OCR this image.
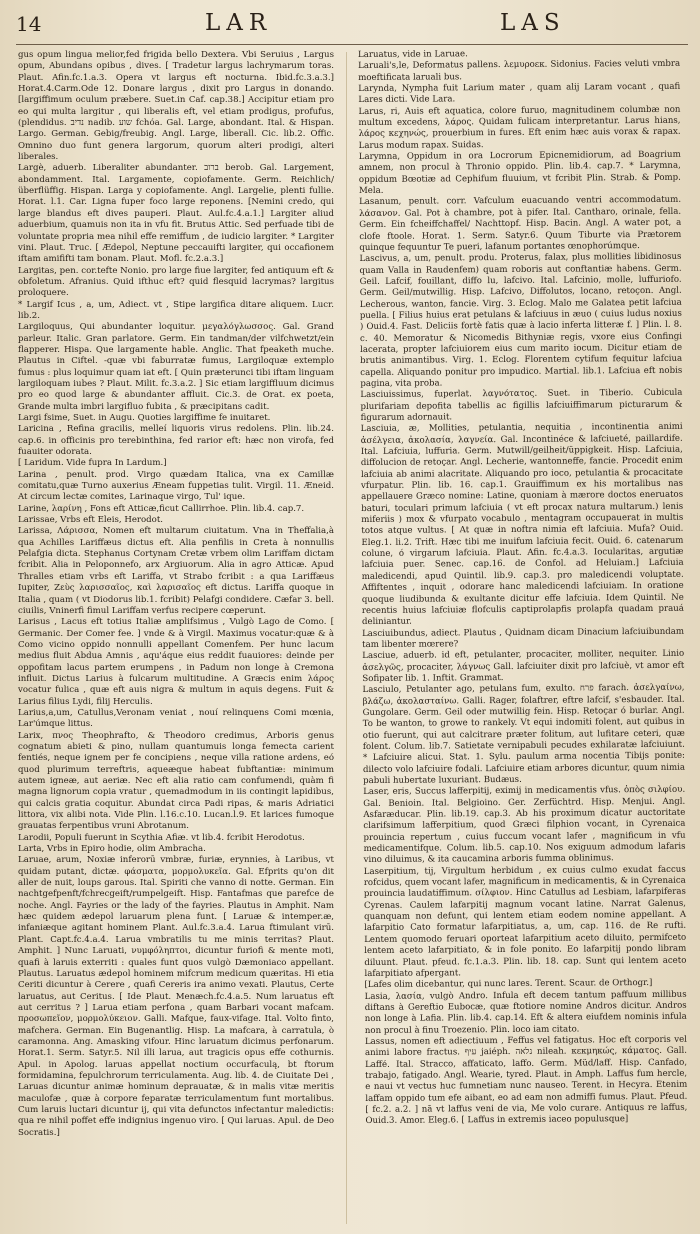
14	LAR	LAS

gus opum lingua melior,fed frigida bello Dextera. Vbi Seruius , Largus opum, Abundans opibus , dives. [ Tradetur largus lachrymarum toras. Plaut. Afin.fc.1.a.3. Opera vt largus eft nocturna. Ibid.fc.3.a.3.] Horat.4.Carm.Ode 12. Donare largus , dixit pro Largus in donando. [largiffimum oculum præbere. Suet.in Caf. cap.38.] Accipitur etiam pro eo qui multa largitur , qui liberalis eft, vel etiam prodigus, profufus,(plendidus. נדיב nadib. שוע fchóa. Gal. Large, abondant. Ital. & Hispan. Largo. German. Gebig/freubig. Angl. Large, liberall. Cic. lib.2. Offic. Omnino duo funt genera largorum, quorum alteri prodigi, alteri liberales.

Largè, aduerb. Liberaliter abundanter. ברוב berob. Gal. Largement, abondamment. Ital. Largamente, copiofamente. Germ. Reichlich/überflüffig. Hispan. Larga y copiofamente. Angl. Largelie, plenti fullie. Horat. l.1. Car. Ligna fuper foco large reponens. [Nemini credo, qui large blandus eft dives pauperi. Plaut. Aul.fc.4.a.1.] Largiter aliud aduerbium, quamuis non ita in vfu fit. Brutus Attic. Sed perfuade tibi de voluntate propria mea nihil effe remiffum , de iudicio largiter. * Largiter vini. Plaut. Truc. [ Ædepol, Neptune peccauifti largiter, qui occafionem iftam amififti tam bonam. Plaut. Mofl. fc.2.a.3.]

Largitas, pen. cor.tefte Nonio. pro large fiue largiter, fed antiquum eft & obfoletum. Afranius. Quid ifthuc eft? quid flesquid lacrymas? largitus proloquere.

* Largif Icus , a, um, Adiect. vt , Stipe largifica ditare aliquem. Lucr. lib.2.

Largiloquus, Qui abundanter loquitur. μεγαλόγλωσσος. Gal. Grand parleur. Italic. Gran parlatore. Germ. Ein tandman/der vilfchwetzt/ein flapperer. Hispa. Que largamente hable. Anglic. That fpeaketh muche. Plautus in Ciftel. -quæ vbi faburratæ fumus, Largiloquæ extemplo fumus : plus loquimur quam iat eft. [ Quin præterunci tibi iftam linguam largiloquam iubes ? Plaut. Milit. fc.3.a.2. ] Sic etiam largiffluum dicimus pro eo quod large & abundanter affluit. Cic.3. de Orat. ex poeta, Grande multa imbri largifluo fubita , & præcipitans cadit.

Largi fsime, Suet. in Augu. Quoties largiffime fe inuitaret.

Laricina , Refina gracilis, melleí liquoris virus redolens. Plin. lib.24. cap.6. in officinis pro terebinthina, fed rarior eft: hæc non virofa, fed fuauiter odorata.

[ Laridum. Vide fupra In Lardum.]

Larina , penult. prod. Virgo quædam Italica, vna ex Camillæ comitatu,quæ Turno auxerius Æneam fuppetias tulit. Virgil. 11. Æneid. At circum lectæ comites, Larinaque virgo, Tul' ique.

Larine, λαρίνη , Fons eft Atticæ,ficut Callirrhoe. Plin. lib.4. cap.7.

Larissae, Vrbs eft Eleis, Herodot.

Larissa, Λάρισσα, Nomen eft multarum ciuitatum. Vna in Theffalia,à qua Achilles Lariffæus dictus eft. Alia penfilis in Creta à nonnullis Pelafgia dicta. Stephanus Cortynam Cretæ vrbem olim Lariffam dictam fcribit. Alia in Peloponnefo, arx Argiuorum. Alia in agro Atticæ. Apud Thralles etiam vrbs eft Lariffa, vt Strabo fcribit : a qua Lariffæus Iupiter, Ζεὺς λαρισσαῖος, καὶ λαρισαῖος eft dictus. Lariffa quoque in Italia , quam ( vt Diodorus lib.1. fcribit) Pelafgi condidere. Cæfar 3. bell. ciuilis, Vninerfi fimul Lariffam verfus recipere cœperunt.

Larisus , Lacus eft totius Italiæ amplifsimus , Vulgò Lago de Como. [ Germanic. Der Comer fee. ] vnde & à Virgil. Maximus vocatur:quæ & à Como vicino oppido nonnulli appellant Comenfem. Per hunc lacum medius fluit Abdua Amnis , aqu'áque eius reddit fuauiores: deinde per oppofitam lacus partem erumpens , in Padum non longe à Cremona influit. Dictus Larius à fulcarum multitudine. A Græcis enim λάρος vocatur fulica , quæ eft auis nigra & multum in aquis degens. Fuit & Larius filius Lydi, filij Herculis.

Larius,a,um, Catullus,Veronam veniat , nouí relinquens Comi mœnia, Lar'úmque littus.

Larix, πνος Theophrafto, & Theodoro credimus, Arboris genus cognatum abieti & pino, nullam quantumuis longa femecta carient fentiés, neque ignem per fe concipiens , neque villa ratione ardens, eó quod plurimum terreftris, aqueæque habeat fubftantiæ: minimum autem igneæ, aut aeriæ. Nec eft alia ratio cam confumendi, quàm fi magna lignorum copia vratur , quemadmodum in iis contingit lapidibus, qui calcis gratia coquitur. Abundat circa Padi ripas, & maris Adriatici littora, vix alibi nota. Vide Plin. l.16.c.10. Lucan.l.9. Et larices fumoque grauatas ferpentibus vruni Abrotanum.

Larodii, Populi fuerunt in Scythia Afiæ. vt lib.4. fcribit Herodotus.

Larta, Vrbs in Epiro hodie, olim Ambracha.

Laruae, arum, Noxiæ inferorū vmbræ, furiæ, erynnies, à Laribus, vt quidam putant, dictæ. φάσματα, μορμολυκεῖα. Gal. Efprits qu'on dit aller de nuit, loups garous. Ital. Spiriti che vanno di notte. German. Ein nachtgefpenft/fchrecgeift/rumpelgeift. Hisp. Fantafmas que parefce de noche. Angl. Fayries or the lady of the fayries. Plautus in Amphit. Nam hæc quidem ædepol laruarum plena funt. [ Laruæ & intemper.æ, infaniæque agitant hominem Plant. Aul.fc.3.a.4. Larua ftimulant virū. Plant. Capt.fc.4.a.4. Larua vmbratilis tu me minis territas? Plaut. Amphit. ] Nunc Laruati, νυμφόληπτοι, dicuntur furiofi & mente moti, quafi à laruis exterriti : quales funt quos vulgò Dæmoniaco appellant. Plautus. Laruatus ædepol hominem mifcrum medicum quæritas. Hi etia Ceriti dicuntur à Cerere , quafi Cereris ira animo vexati. Plautus, Certe laruatus, aut Ceritus. [ Ide Plaut. Menæch.fc.4.a.5. Num laruatus eft aut cerritus ? ] Larua etiam perfona , quam Barbari vocant mafcam. προσωπεῖον, μορμολύκειον. Galli. Mafque, faux-vifage. Ital. Volto finto, mafchera. German. Ein Bugenantlig. Hisp. La mafcara, à carratula, ò caramonna. Ang. Amasking vifour. Hinc laruatum dicimus perfonarum. Horat.1. Serm. Satyr.5. Nil illi larua, aut tragicis opus effe cothurnis. Apul. in Apolog. laruas appellat noctium occurfaculą, bt ftorum formidamina, fepulchrorum terriculamenta. Aug. lib. 4. de Ciuitate Dei , Laruas dicuntur animæ hominum deprauatæ, & in malis vitæ meritis maculofæ , quæ à corpore feparatæ terriculamentum funt mortalibus. Cum laruis luctari dicuntur ij, qui vita defunctos infectantur maledictis: qua re nihil poffet effe indignius ingenuo viro. [ Qui laruas. Apul. de Deo Socratis.]

Laruatus, vide in Laruae.

Laruali's,le, Deformatus pallens. λεμυροεκ. Sidonius. Facies veluti vmbra moeftificata laruali bus.

Larynda, Nympha fuit Larium mater , quam alij Laram vocant , quafi Lares dicti. Vide Lara.

Larus, ri, Auis eft aquatica, colore furuo, magnitudinem columbæ non multum excedens, λάρος. Quidam fulicam interpretantur. Larus hians, λάρος κεχηνώς, prouerbium in fures. Eft enim hæc auis vorax & rapax. Larus modum rapax. Suidas.

Larymna, Oppidum in ora Locrorum Epicnemidiorum, ad Boagrium amnem, non procul à Thronio oppido. Plin. lib.4. cap.7. * Larymna, oppidum Bœotiæ ad Cephifum fluuium, vt fcribit Plin. Strab. & Pomp. Mela.

Lasanum, penult. corr. Vafculum euacuando ventri accommodatum. λάσανον. Gal. Pot à chambre, pot à pifer. Ital. Cantharo, orinale, fella. Germ. Ein fcheiffchaffel/ Nachttopf. Hisp. Bacin. Angl. A water pot, a clofe ftoole. Horat. 1. Serm. Satyr.6. Quum Tiburte via Prætorem quinque fequuntur Te pueri, lafanum portantes œnophorúmque.

Lascivus, a, um, penult. produ. Proterus, falax, plus mollities libidinosus quam Valla in Raudenfem) quam roboris aut conftantiæ habens. Germ. Geil. Lafcif, fouillant, diffo lu, lafcivo. Ital. Lafcinio, molle, luffuriofo. Germ. Geil/mutwillig. Hisp. Lafcivo, Diffolutos, locano, retoçon. Angl. Lecherous, wanton, fancie. Virg. 3. Eclog. Malo me Galatea petit lafciua puella. [ Filius huius erat petulans & lafciuus in æuo ( cuius ludus noxius ) Ouid.4. Fast. Deliciis fortè fatis quæ à lacio inferta litteræ f. ] Plin. l. 8. c. 40. Memoratur & Nicomedis Bithyniæ regis, vxore eius Confingi lacerata, propter lafciuiorem eius cum marito iocum. Dicitur etiam de brutis animantibus. Virg. 1. Eclog. Florentem cytifum fequitur lafciua capella. Aliquando ponitur pro impudico. Martial. lib.1. Lafciua eft nobis pagina, vita proba.

Lasciuissimus, fuperlat. λαγνότατος. Suet. in Tiberio. Cubicula plurifariam depofita tabellis ac figillis lafciuiffimarum picturarum & figurarum adornauit.

Lasciuia, æ, Mollities, petulantia, nequitia , incontinentia animi ἀσέλγεια, ἀκολασία, λαγνεία. Gal. Incontinéce & lafciueté, paillardife. Ital. Lafciuia, luffuria. Germ. Mutwill/geilheit/üppigkeit. Hisp. Lafciuia, diffolucion de retoçar. Angl. Lecherie, wantonneffe, fancie. Procedit enim lafciuia ab animi alacritate. Aliquando pro ioco, petulantia & procacitate vfurpatur. Plin. lib. 16. cap.1. Grauiffimum ex his mortalibus nas appellauere Græco nomine: Latine, quoniam à mærore doctos eneruatos baturi, toculari primum lafciuia ( vt eft procax natura multarum.) lenis miferiis ) mox & vfurpato vocabulo , mentagram occupauerat in multis totos atque vultus. [ At quæ in noftra nimia eft lafciuia. Mufa? Ouid. Eleg.1. li.2. Trift. Hæc tibi me inuifum lafciuia fecit. Ouid. 6. catenarum colune, ó virgarum lafciuia. Plaut. Afin. fc.4.a.3. Iocularitas, argutiæ lafciuia puer. Senec. cap.16. de Confol. ad Heluiam.] Lafciuia maledicendi, apud Quintil. lib.9. cap.3. pro maledicendi voluptate. Affiftentes , inquit , odorare hanc maledicendi lafciuiam. In oratione quoque liudibunda & exultante dicitur effe lafciuia. Idem Quintil. Ne recentis huius lafciuiæ flofculis captiprolapfis prolapfa quadam prauá deliniantur.

Lasciuibundus, adiect. Plautus , Quidnam dicam Dinacium lafciuibundam tam libenter mœrere?

Lasciue, aduerb. id eft, petulanter, procaciter, molliter, nequiter. Linio ἀσελγῶς, procaciter, λάγνως Gall. lafciuiter dixit pro lafciuè, vt amor eft Sofipater lib. 1. Inftit. Grammat.

Lasciulo, Petulanter ago, petulans fum, exulto. פרח farach. ἀσελγαίνω, βλάζω, ἀκολασταίνω. Galli. Rager, folaftrer, eftre lafcif, s'esbauder. Ital. Gungolare. Germ. Geil oder mutwillig fein. Hisp. Retoçar ó burlar. Angl. To be wanton, to growe to rankely. Vt equi indomiti folent, aut quibus in otio fuerunt, qui aut calcitrare præter folitum, aut lufitare ceteri, quæ folent. Colum. lib.7. Satietate vernipabuli pecudes exhilaratæ lafciuiunt. * Lafciuire alicui. Stat. 1. Sylu. paulum arma nocentia Tibijs ponite: dilecto volo lafciuire fodali. Lafciuire etiam arbores dicuntur, quum nimia pabuli hubertate luxuriant. Budæus.

Laser, eris, Succus lafferpitij, eximij in medicamentis vfus. ὀπὸς σιλφίου. Gal. Benioin. Ital. Belgioino. Ger. Zerfüchtrd. Hisp. Menjui. Angl. Asfaræducar. Plin. lib.19. cap.3. Ab his proximum dicatur auctoritate clarifsimum lafferpitium, quod Græci filphion vocant, in Cyrenaica prouincia repertum , cuius fuccum vocant lafer , magnificum in vfu medicamentifque. Colum. lib.5. cap.10. Nos exiguum admodum lafaris vino diluimus, & ita caucamina arboris fumma oblinimus.

Laserpitium, tij, Virgultum herbidum , ex cuius culmo exudat faccus rofcidus, quem vocant lafer, magnificum in medicamentis, & in Cyrenaica prouincia laudatiffimum. σίλφιον. Hinc Catullus ad Lesbiam, lafarpiferas Cyrenas. Caulem lafarpitij magnum vocant latine. Narrat Galenus, quanquam non defunt, qui lentem etiam eodem nomine appellant. A lafarpitio Cato formatur lafarpitiatus, a, um, cap. 116. de Re rufti. Lentem quomodo feruari oporteat lafarpitium aceto diluito, permifceto lentem aceto lafarpitiato, & in fole ponito. Eo lafarpitij pondo libram diluunt. Plaut. pfeud. fc.1.a.3. Plin. lib. 18. cap. Sunt qui lentem aceto lafarpitiato afpergant.

[Lafes olim dicebantur, qui nunc lares. Terent. Scaur. de Orthogr.]

Lasia, λασία, vulgò Andro. Infula eft decem tantum paffuum millibus diftans à Gereftio Eubocæ, quæ ftotiore nomine Andros dicitur. Andros non longe à Lafia. Plin. lib.4. cap.14. Eft & altera eiufdem nominis infula non procul à finu Troezenio. Plin. loco iam citato.

Lassus, nomen eft adiectiuum , Feffus vel fatigatus. Hoc eft corporis vel animi labore fractus. עיף jaiéph. נלאה nileah. κεκμηκώς, κάματος. Gall. Laffé. Ital. Stracco, affaticato, laffo. Germ. Müd/laff. Hisp. Canfado, trabajo, fatigado. Angl. Wearie, tyred. Plaut. in Amph. Laffus fum hercle, e naui vt vectus huc fumnetiam nunc nauseo. Terent. in Hecyra. Etenim laffam oppido tum efe aibant, eo ad eam non admiffi fumus. Plaut. Pfeud. [ fc.2. a.2. ] nā vt laffus veni de via, Me volo curare. Antiquus re laffus, Ouid.3. Amor. Eleg.6. [ Laffus in extremis iaceo populusque]
